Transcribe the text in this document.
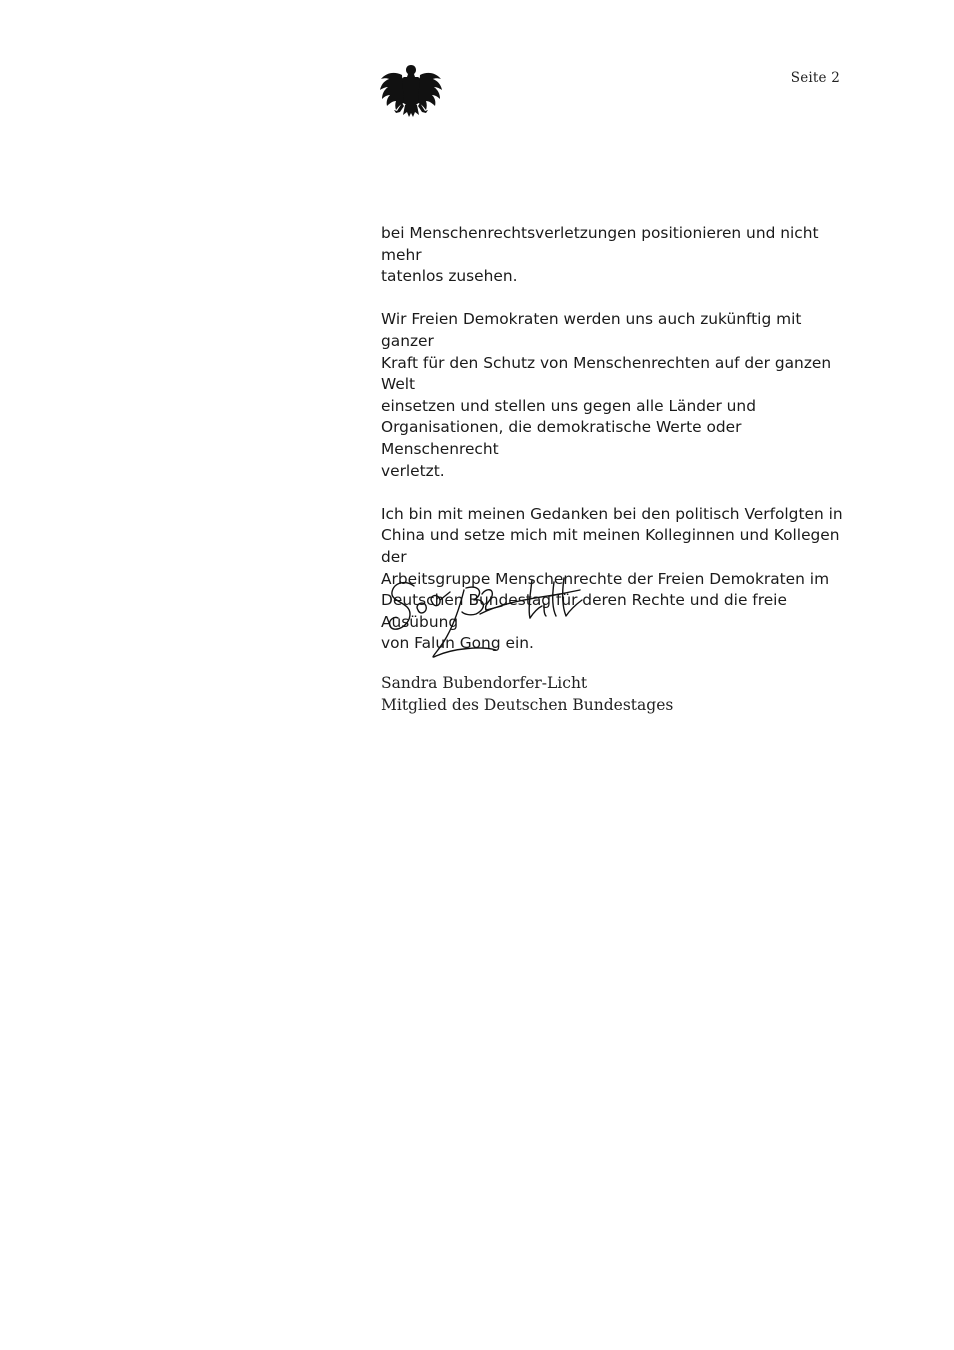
Seite 2

bei Menschenrechtsverletzungen positionieren und nicht mehr
tatenlos zusehen.

Wir Freien Demokraten werden uns auch zukünftig mit ganzer
Kraft für den Schutz von Menschenrechten auf der ganzen Welt
einsetzen und stellen uns gegen alle Länder und
Organisationen, die demokratische Werte oder Menschenrecht
verletzt.

Ich bin mit meinen Gedanken bei den politisch Verfolgten in
China und setze mich mit meinen Kolleginnen und Kollegen der
Arbeitsgruppe Menschenrechte der Freien Demokraten im
Deutschen Bundestag für deren Rechte und die freie Ausübung
von Falun Gong ein.

Sandra Bubendorfer-Licht
Mitglied des Deutschen Bundestages
